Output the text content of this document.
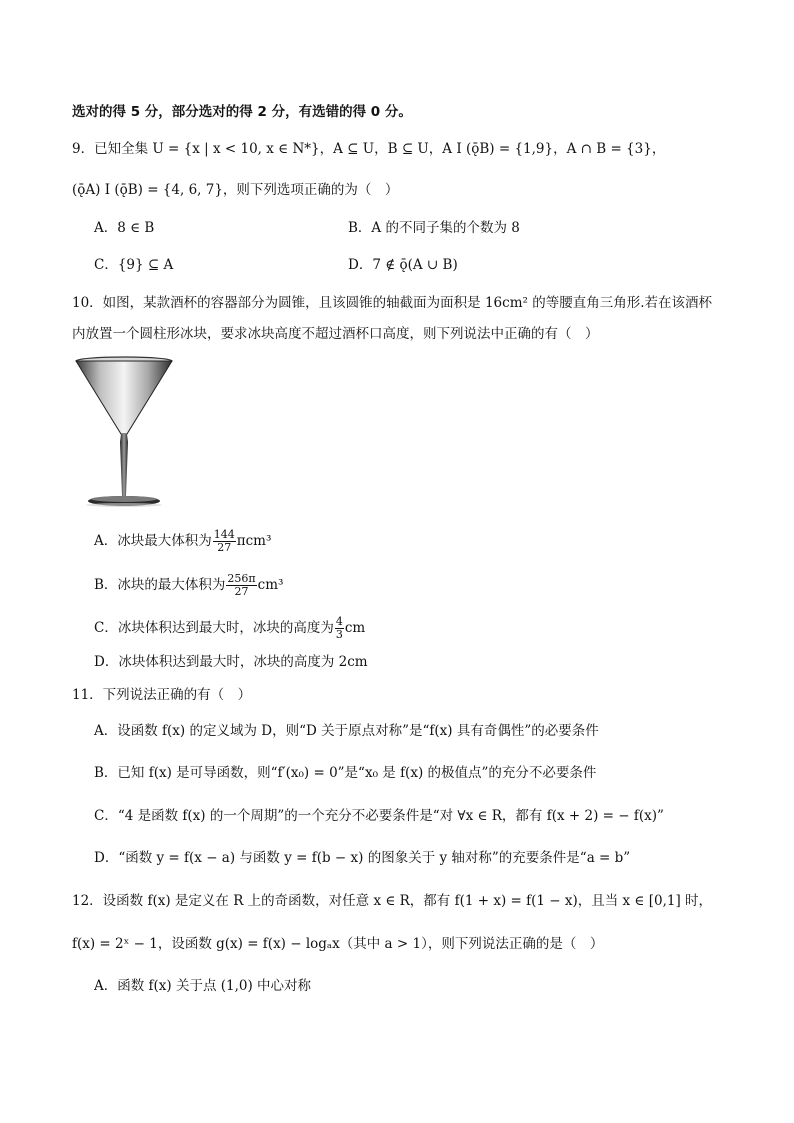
选对的得 5 分，部分选对的得 2 分，有选错的得 0 分。
9．已知全集 U = {x | x < 10, x ∈ N*}，A ⊆ U，B ⊆ U，A I (ǭB) = {1,9}，A ∩ B = {3}，
(ǭA) I (ǭB) = {4, 6, 7}，则下列选项正确的为（　）
A．8 ∈ B	B．A 的不同子集的个数为 8
C．{9} ⊆ A	D．7 ∉ ǭ(A ∪ B)
10．如图，某款酒杯的容器部分为圆锥，且该圆锥的轴截面为面积是 16cm² 的等腰直角三角形.若在该酒杯
内放置一个圆柱形冰块，要求冰块高度不超过酒杯口高度，则下列说法中正确的有（　）
A．冰块最大体积为 $\frac{144}{27} \pi cm^3$
B．冰块的最大体积为 $\frac{256\pi}{27} cm^3$
C．冰块体积达到最大时，冰块的高度为 $\frac{4}{3}$ cm
D．冰块体积达到最大时，冰块的高度为 2cm
11．下列说法正确的有（　）
A．设函数 f(x) 的定义域为 D，则“D 关于原点对称”是“f(x) 具有奇偶性”的必要条件
B．已知 f(x) 是可导函数，则“f′(x₀) = 0”是“x₀ 是 f(x) 的极值点”的充分不必要条件
C．“4 是函数 f(x) 的一个周期”的一个充分不必要条件是“对 ∀x ∈ R，都有 f(x + 2) = − f(x)”
D．“函数 y = f(x − a) 与函数 y = f(b − x) 的图象关于 y 轴对称”的充要条件是“a = b”
12．设函数 f(x) 是定义在 R 上的奇函数，对任意 x ∈ R，都有 f(1 + x) = f(1 − x)，且当 x ∈ [0,1] 时，
f(x) = 2ˣ − 1，设函数 g(x) = f(x) − logₐx（其中 a > 1），则下列说法正确的是（　）
A．函数 f(x) 关于点 (1,0) 中心对称
